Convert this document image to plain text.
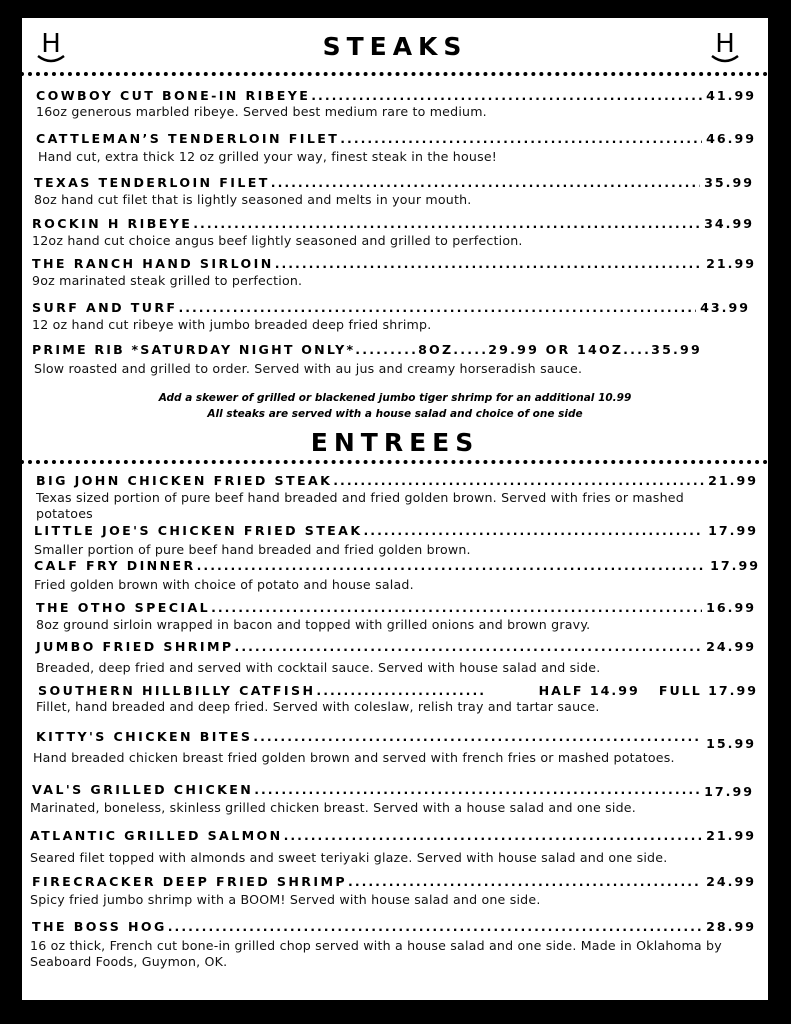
H	H
STEAKS
COWBOY CUT BONE-IN RIBEYE .....	41.99
16oz generous marbled ribeye. Served best medium rare to medium.
CATTLEMAN’S TENDERLOIN FILET .....	46.99
Hand cut, extra thick 12 oz grilled your way, finest steak in the house!
TEXAS TENDERLOIN FILET .....	35.99
8oz hand cut filet that is lightly seasoned and melts in your mouth.
ROCKIN H RIBEYE .....	34.99
12oz hand cut choice angus beef lightly seasoned and grilled to perfection.
THE RANCH HAND SIRLOIN .....	21.99
9oz marinated steak grilled to perfection.
SURF AND TURF .....	43.99
12 oz hand cut ribeye with jumbo breaded deep fried shrimp.
PRIME RIB *SATURDAY NIGHT ONLY*.........8OZ.....29.99 OR 14OZ....35.99
Slow roasted and grilled to order. Served with au jus and creamy horseradish sauce.
Add a skewer of grilled or blackened jumbo tiger shrimp for an additional 10.99
All steaks are served with a house salad and choice of one side
ENTREES
BIG JOHN CHICKEN FRIED STEAK .....	21.99
Texas sized portion of pure beef hand breaded and fried golden brown. Served with fries or mashed potatoes
LITTLE JOE'S CHICKEN FRIED STEAK .....	17.99
Smaller portion of pure beef hand breaded and fried golden brown.
CALF FRY DINNER .....	17.99
Fried golden brown with choice of potato and house salad.
THE OTHO SPECIAL .....	16.99
8oz ground sirloin wrapped in bacon and topped with grilled onions and brown gravy.
JUMBO FRIED SHRIMP .....	24.99
Breaded, deep fried and served with cocktail sauce. Served with house salad and side.
SOUTHERN HILLBILLY CATFISH .....	HALF 14.99   FULL 17.99
Fillet, hand breaded and deep fried. Served with coleslaw, relish tray and tartar sauce.
KITTY'S CHICKEN BITES .....	15.99
Hand breaded chicken breast fried golden brown and served with french fries or mashed potatoes.
VAL'S GRILLED CHICKEN .....	17.99
Marinated, boneless, skinless grilled chicken breast. Served with a house salad and one side.
ATLANTIC GRILLED SALMON .....	21.99
Seared filet topped with almonds and sweet teriyaki glaze. Served with house salad and one side.
FIRECRACKER DEEP FRIED SHRIMP .....	24.99
Spicy fried jumbo shrimp with a BOOM! Served with house salad and one side.
THE BOSS HOG .....	28.99
16 oz thick, French cut bone-in grilled chop served with a house salad and one side. Made in Oklahoma by Seaboard Foods, Guymon, OK.
